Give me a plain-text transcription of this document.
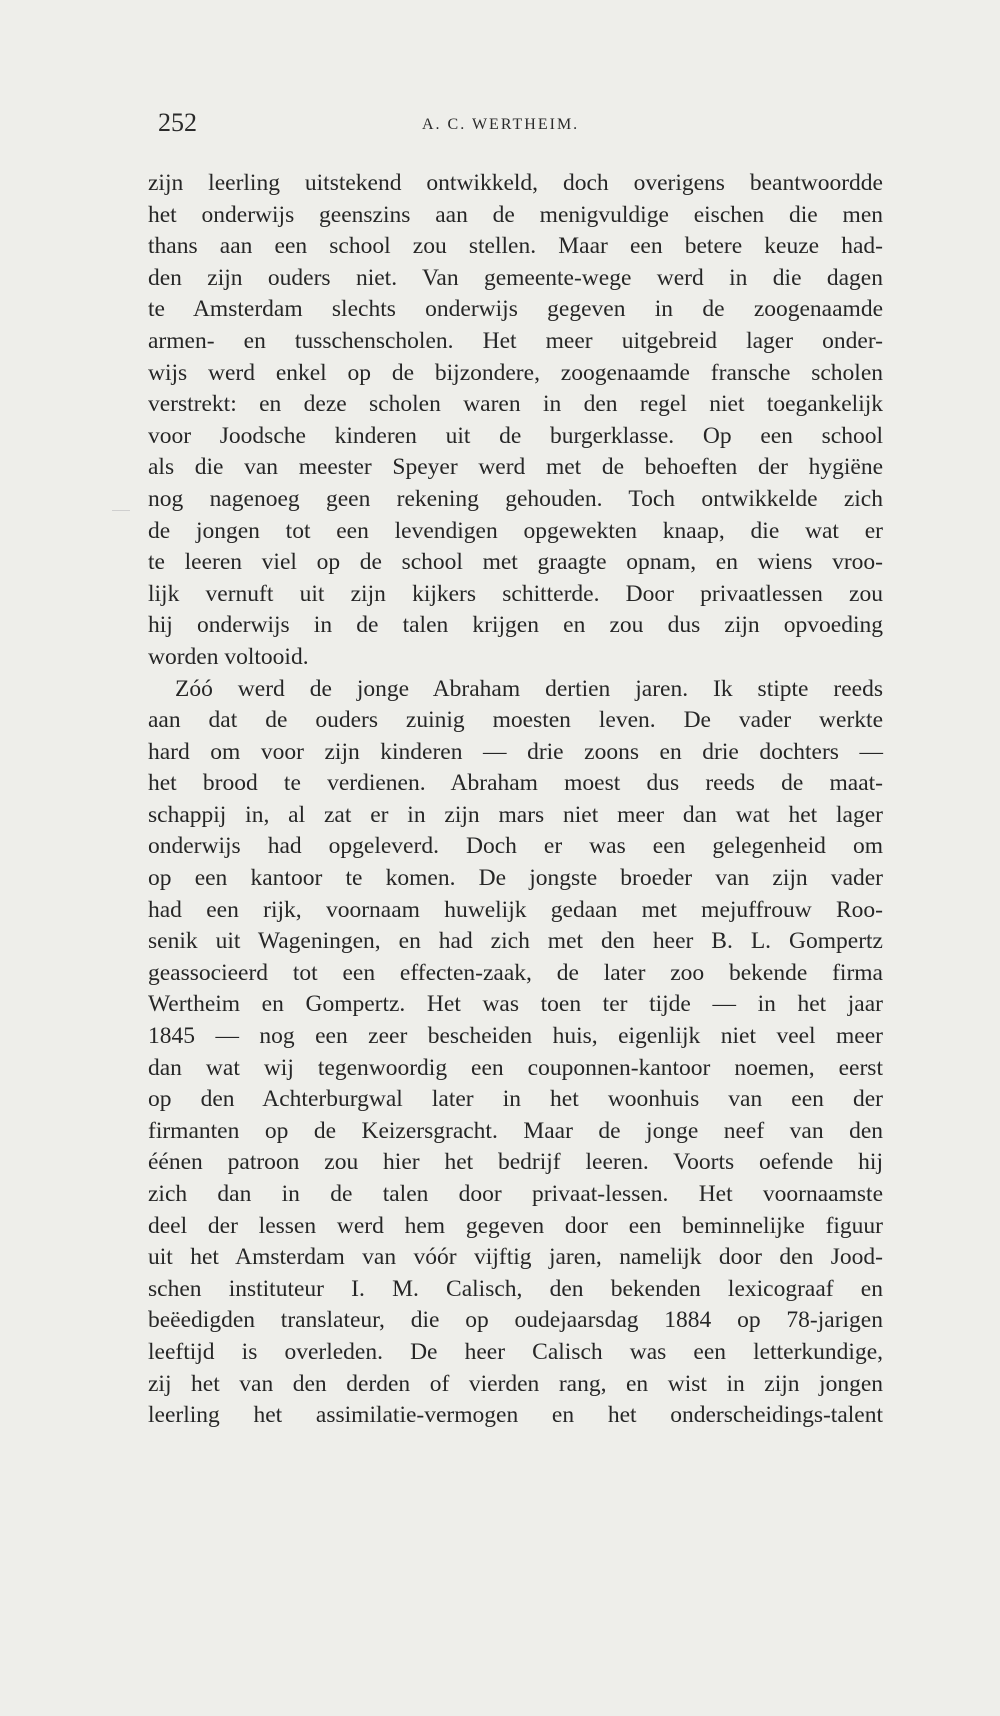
252	A. C. WERTHEIM.
zijn leerling uitstekend ontwikkeld, doch overigens beantwoordde
het onderwijs geenszins aan de menigvuldige eischen die men
thans aan een school zou stellen. Maar een betere keuze had-
den zijn ouders niet. Van gemeente-wege werd in die dagen
te Amsterdam slechts onderwijs gegeven in de zoogenaamde
armen- en tusschenscholen. Het meer uitgebreid lager onder-
wijs werd enkel op de bijzondere, zoogenaamde fransche scholen
verstrekt: en deze scholen waren in den regel niet toegankelijk
voor Joodsche kinderen uit de burgerklasse. Op een school
als die van meester Speyer werd met de behoeften der hygiëne
nog nagenoeg geen rekening gehouden. Toch ontwikkelde zich
de jongen tot een levendigen opgewekten knaap, die wat er
te leeren viel op de school met graagte opnam, en wiens vroo-
lijk vernuft uit zijn kijkers schitterde. Door privaatlessen zou
hij onderwijs in de talen krijgen en zou dus zijn opvoeding
worden voltooid.
Zóó werd de jonge Abraham dertien jaren. Ik stipte reeds
aan dat de ouders zuinig moesten leven. De vader werkte
hard om voor zijn kinderen — drie zoons en drie dochters —
het brood te verdienen. Abraham moest dus reeds de maat-
schappij in, al zat er in zijn mars niet meer dan wat het lager
onderwijs had opgeleverd. Doch er was een gelegenheid om
op een kantoor te komen. De jongste broeder van zijn vader
had een rijk, voornaam huwelijk gedaan met mejuffrouw Roo-
senik uit Wageningen, en had zich met den heer B. L. Gompertz
geassocieerd tot een effecten-zaak, de later zoo bekende firma
Wertheim en Gompertz. Het was toen ter tijde — in het jaar
1845 — nog een zeer bescheiden huis, eigenlijk niet veel meer
dan wat wij tegenwoordig een couponnen-kantoor noemen, eerst
op den Achterburgwal later in het woonhuis van een der
firmanten op de Keizersgracht. Maar de jonge neef van den
éénen patroon zou hier het bedrijf leeren. Voorts oefende hij
zich dan in de talen door privaat-lessen. Het voornaamste
deel der lessen werd hem gegeven door een beminnelijke figuur
uit het Amsterdam van vóór vijftig jaren, namelijk door den Jood-
schen instituteur I. M. Calisch, den bekenden lexicograaf en
beëedigden translateur, die op oudejaarsdag 1884 op 78-jarigen
leeftijd is overleden. De heer Calisch was een letterkundige,
zij het van den derden of vierden rang, en wist in zijn jongen
leerling het assimilatie-vermogen en het onderscheidings-talent
